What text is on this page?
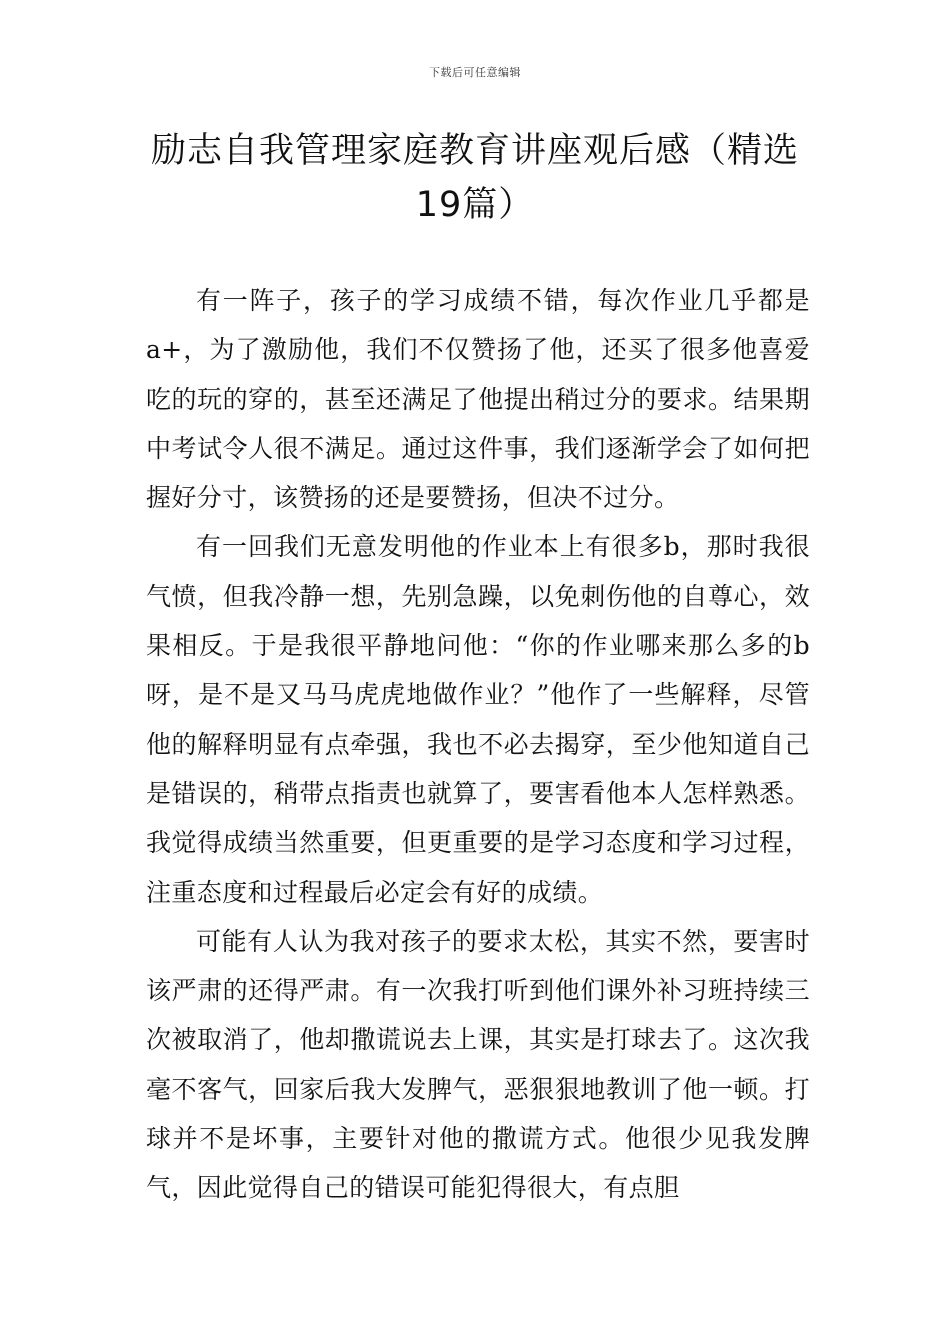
下载后可任意编辑
励志自我管理家庭教育讲座观后感（精选19篇）

有一阵子，孩子的学习成绩不错，每次作业几乎都是a+，为了激励他，我们不仅赞扬了他，还买了很多他喜爱吃的玩的穿的，甚至还满足了他提出稍过分的要求。结果期中考试令人很不满足。通过这件事，我们逐渐学会了如何把握好分寸，该赞扬的还是要赞扬，但决不过分。

有一回我们无意发明他的作业本上有很多b，那时我很气愤，但我冷静一想，先别急躁，以免刺伤他的自尊心，效果相反。于是我很平静地问他：“你的作业哪来那么多的b呀，是不是又马马虎虎地做作业？”他作了一些解释，尽管他的解释明显有点牵强，我也不必去揭穿，至少他知道自己是错误的，稍带点指责也就算了，要害看他本人怎样熟悉。我觉得成绩当然重要，但更重要的是学习态度和学习过程，注重态度和过程最后必定会有好的成绩。

可能有人认为我对孩子的要求太松，其实不然，要害时该严肃的还得严肃。有一次我打听到他们课外补习班持续三次被取消了，他却撒谎说去上课，其实是打球去了。这次我毫不客气，回家后我大发脾气，恶狠狠地教训了他一顿。打球并不是坏事，主要针对他的撒谎方式。他很少见我发脾气，因此觉得自己的错误可能犯得很大，有点胆
